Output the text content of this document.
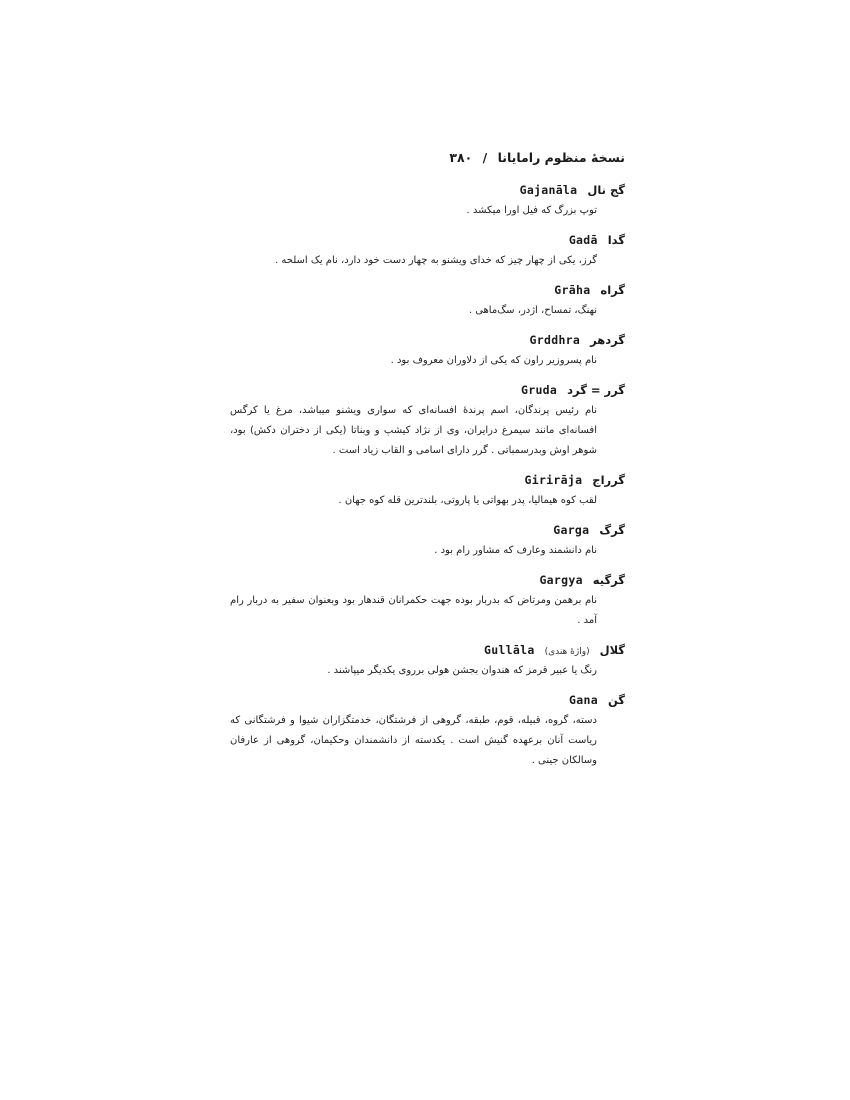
نسخهٔ منظوم رامایانا / ۳۸۰
گج نال
Gajanāla
توپ بزرگ که فیل اورا میکشد .
گدا
Gadā
گرز، یکی از چهار چیز که خدای ویشنو به چهار دست خود دارد، نام یک اسلحه .
گراه
Grāha
نهنگ، تمساح، اژدر، سگ‌ماهی .
گردهر
Grddhra
نام پسروزیر راون که یکی از دلاوران معروف بود .
گرر = گرد
Gruda
نام رئیس پرندگان، اسم پرندهٔ افسانه‌ای که سواری ویشنو میباشد، مرغ یا کرگس افسانه‌ای مانند سیمرغ درایران، وی از نژاد کیشپ و وبناتا (یکی از دختران دکش) بود، شوهر اوش وبدرسمباتی . گرر دارای اسامی و القاب زیاد است .
گرراج
Girirāja
لقب کوه هیمالیا، پدر بهواتی یا پاروتی، بلندترین قله کوه جهان .
گرگ
Garga
نام دانشمند وعارف که مشاور رام بود .
گرگیه
Gargya
نام برهمن ومرتاض که بدربار بوده جهت حکمرانان قندهار بود وبعنوان سفیر به دربار رام آمد .
گلال
(واژهٔ هندی)
Gullāla
رنگ یا عبیر قرمز که هندوان بجشن هولی برروی یکدیگر میپاشند .
گن
Gana
دسته، گروه، قبیله، قوم، طبقه، گروهی از فرشتگان، خدمتگزاران شیوا و فرشتگانی که ریاست آنان برعهده گنیش است . یکدسته از دانشمندان وحکیمان، گروهی از عارفان وسالکان جینی .
